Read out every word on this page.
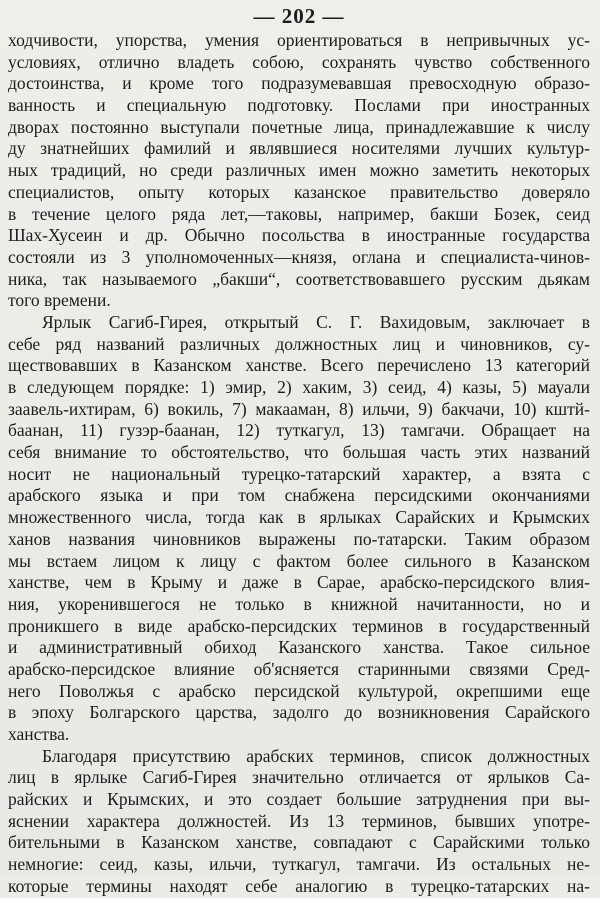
— 202 —
ходчивости, упорства, умения ориентироваться в непривычных ус-
условиях, отлично владеть собою, сохранять чувство собственного
достоинства, и кроме того подразумевавшая превосходную образо-
ванность и специальную подготовку. Послами при иностранных
дворах постоянно выступали почетные лица, принадлежавшие к числу
ду знатнейших фамилий и являвшиеся носителями лучших культур-
ных традиций, но среди различных имен можно заметить некоторых
специалистов, опыту которых казанское правительство доверяло
в течение целого ряда лет,—таковы, например, бакши Бозек, сеид
Шах-Хусеин и др. Обычно посольства в иностранные государства
состояли из 3 уполномоченных—князя, оглана и специалиста-чинов-
ника, так называемого „бакши“, соответствовавшего русским дьякам
того времени.
Ярлык Сагиб-Гирея, открытый С. Г. Вахидовым, заключает в
себе ряд названий различных должностных лиц и чиновников, су-
ществовавших в Казанском ханстве. Всего перечислено 13 категорий
в следующем порядке: 1) эмир, 2) хаким, 3) сеид, 4) казы, 5) мауали
заавель-ихтирам, 6) вокиль, 7) макааман, 8) ильчи, 9) бакчачи, 10) кштй-
баанан, 11) гузэр-баанан, 12) туткагул, 13) тамгачи. Обращает на
себя внимание то обстоятельство, что большая часть этих названий
носит не национальный турецко-татарский характер, а взята с
арабского языка и при том снабжена персидскими окончаниями
множественного числа, тогда как в ярлыках Сарайских и Крымских
ханов названия чиновников выражены по-татарски. Таким образом
мы встаем лицом к лицу с фактом более сильного в Казанском
ханстве, чем в Крыму и даже в Сарае, арабско-персидского влия-
ния, укоренившегося не только в книжной начитанности, но и
проникшего в виде арабско-персидских терминов в государственный
и административный обиход Казанского ханства. Такое сильное
арабско-персидское влияние об'ясняется старинными связями Сред-
него Поволжья с арабско персидской культурой, окрепшими еще
в эпоху Болгарского царства, задолго до возникновения Сарайского
ханства.
Благодаря присутствию арабских терминов, список должностных
лиц в ярлыке Сагиб-Гирея значительно отличается от ярлыков Са-
райских и Крымских, и это создает большие затруднения при вы-
яснении характера должностей. Из 13 терминов, бывших употре-
бительными в Казанском ханстве, совпадают с Сарайскими только
немногие: сеид, казы, ильчи, туткагул, тамгачи. Из остальных не-
которые термины находят себе аналогию в турецко-татарских на-
